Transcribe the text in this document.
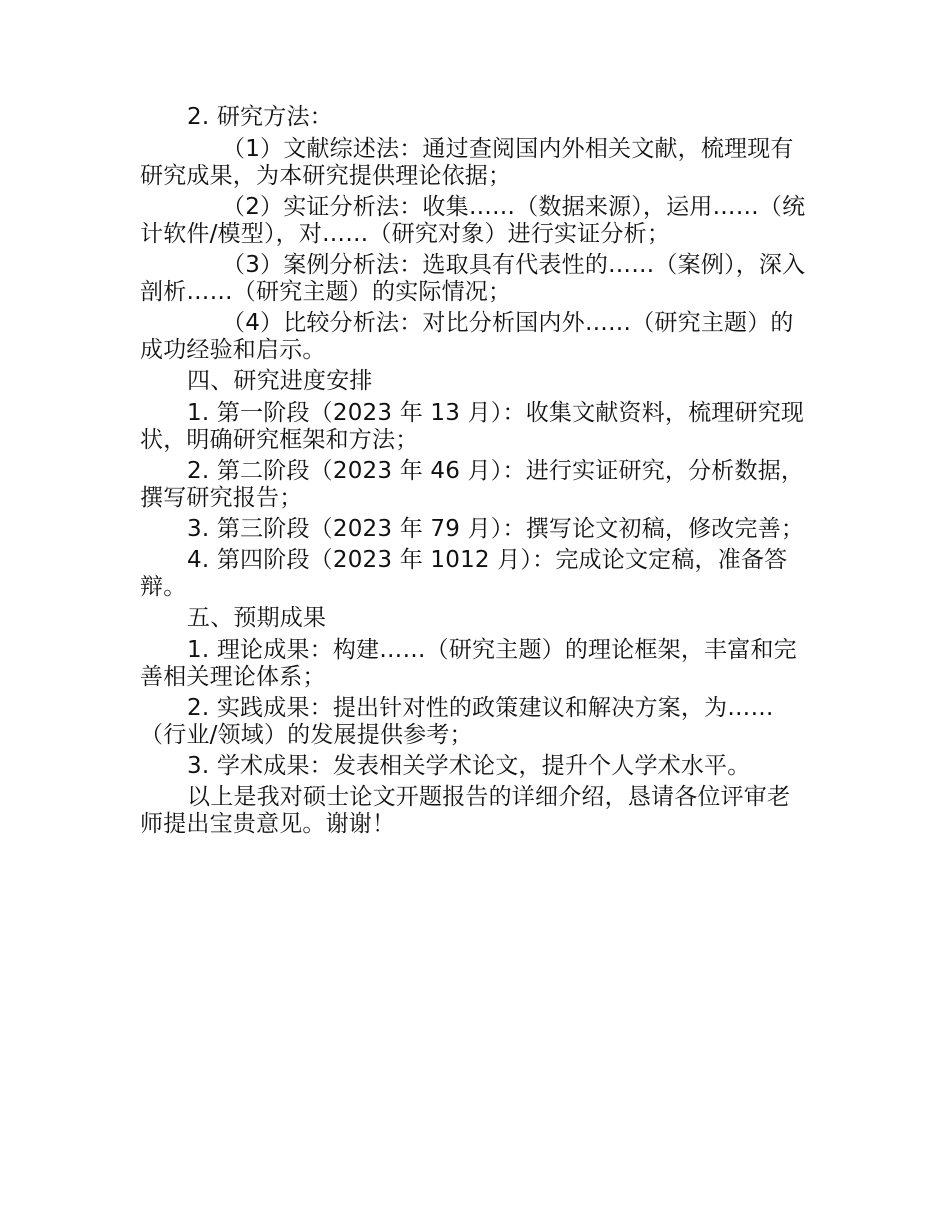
2. 研究方法：

（1）文献综述法：通过查阅国内外相关文献，梳理现有研究成果，为本研究提供理论依据；

（2）实证分析法：收集……（数据来源），运用……（统计软件/模型），对……（研究对象）进行实证分析；

（3）案例分析法：选取具有代表性的……（案例），深入剖析……（研究主题）的实际情况；

（4）比较分析法：对比分析国内外……（研究主题）的成功经验和启示。

四、研究进度安排

1. 第一阶段（2023 年 13 月）：收集文献资料，梳理研究现状，明确研究框架和方法；

2. 第二阶段（2023 年 46 月）：进行实证研究，分析数据，撰写研究报告；

3. 第三阶段（2023 年 79 月）：撰写论文初稿，修改完善；

4. 第四阶段（2023 年 1012 月）：完成论文定稿，准备答辩。

五、预期成果

1. 理论成果：构建……（研究主题）的理论框架，丰富和完善相关理论体系；

2. 实践成果：提出针对性的政策建议和解决方案，为……（行业/领域）的发展提供参考；

3. 学术成果：发表相关学术论文，提升个人学术水平。

以上是我对硕士论文开题报告的详细介绍，恳请各位评审老师提出宝贵意见。谢谢！
